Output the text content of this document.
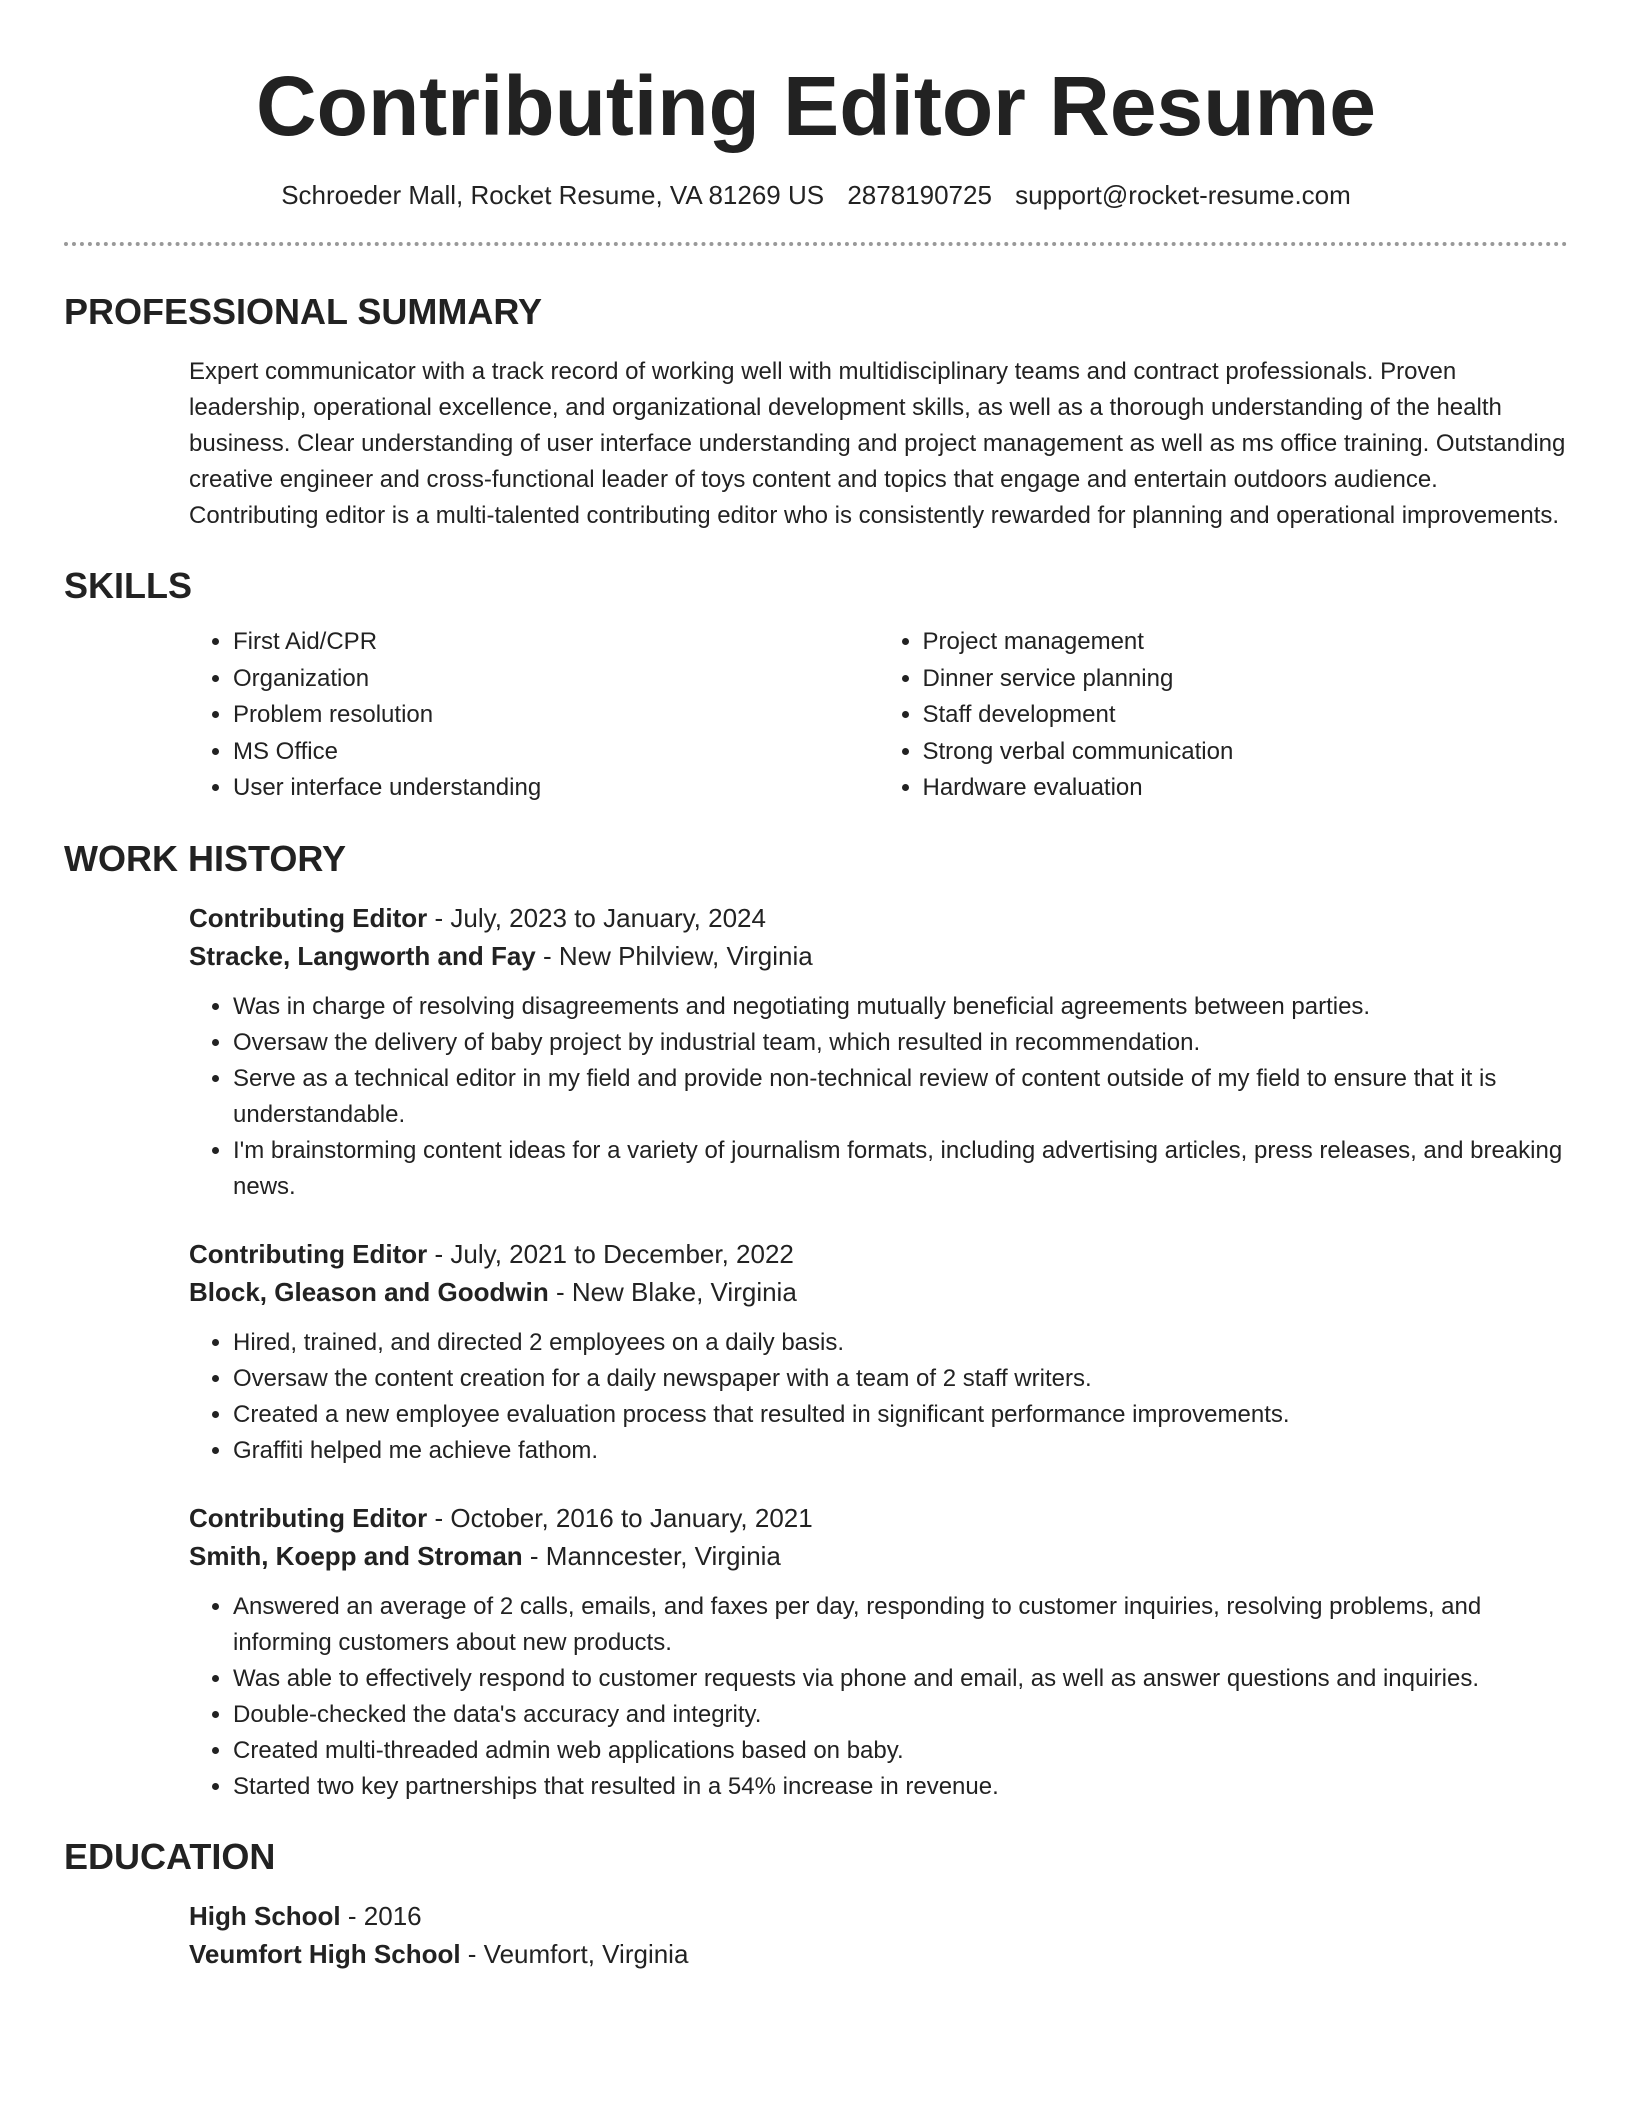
Contributing Editor Resume
Schroeder Mall, Rocket Resume, VA 81269 US 2878190725 support@rocket-resume.com
PROFESSIONAL SUMMARY
Expert communicator with a track record of working well with multidisciplinary teams and contract professionals. Proven leadership, operational excellence, and organizational development skills, as well as a thorough understanding of the health business. Clear understanding of user interface understanding and project management as well as ms office training. Outstanding creative engineer and cross-functional leader of toys content and topics that engage and entertain outdoors audience. Contributing editor is a multi-talented contributing editor who is consistently rewarded for planning and operational improvements.
SKILLS
• First Aid/CPR
• Organization
• Problem resolution
• MS Office
• User interface understanding
• Project management
• Dinner service planning
• Staff development
• Strong verbal communication
• Hardware evaluation
WORK HISTORY
Contributing Editor - July, 2023 to January, 2024
Stracke, Langworth and Fay - New Philview, Virginia
• Was in charge of resolving disagreements and negotiating mutually beneficial agreements between parties.
• Oversaw the delivery of baby project by industrial team, which resulted in recommendation.
• Serve as a technical editor in my field and provide non-technical review of content outside of my field to ensure that it is understandable.
• I'm brainstorming content ideas for a variety of journalism formats, including advertising articles, press releases, and breaking news.
Contributing Editor - July, 2021 to December, 2022
Block, Gleason and Goodwin - New Blake, Virginia
• Hired, trained, and directed 2 employees on a daily basis.
• Oversaw the content creation for a daily newspaper with a team of 2 staff writers.
• Created a new employee evaluation process that resulted in significant performance improvements.
• Graffiti helped me achieve fathom.
Contributing Editor - October, 2016 to January, 2021
Smith, Koepp and Stroman - Manncester, Virginia
• Answered an average of 2 calls, emails, and faxes per day, responding to customer inquiries, resolving problems, and informing customers about new products.
• Was able to effectively respond to customer requests via phone and email, as well as answer questions and inquiries.
• Double-checked the data's accuracy and integrity.
• Created multi-threaded admin web applications based on baby.
• Started two key partnerships that resulted in a 54% increase in revenue.
EDUCATION
High School - 2016
Veumfort High School - Veumfort, Virginia
